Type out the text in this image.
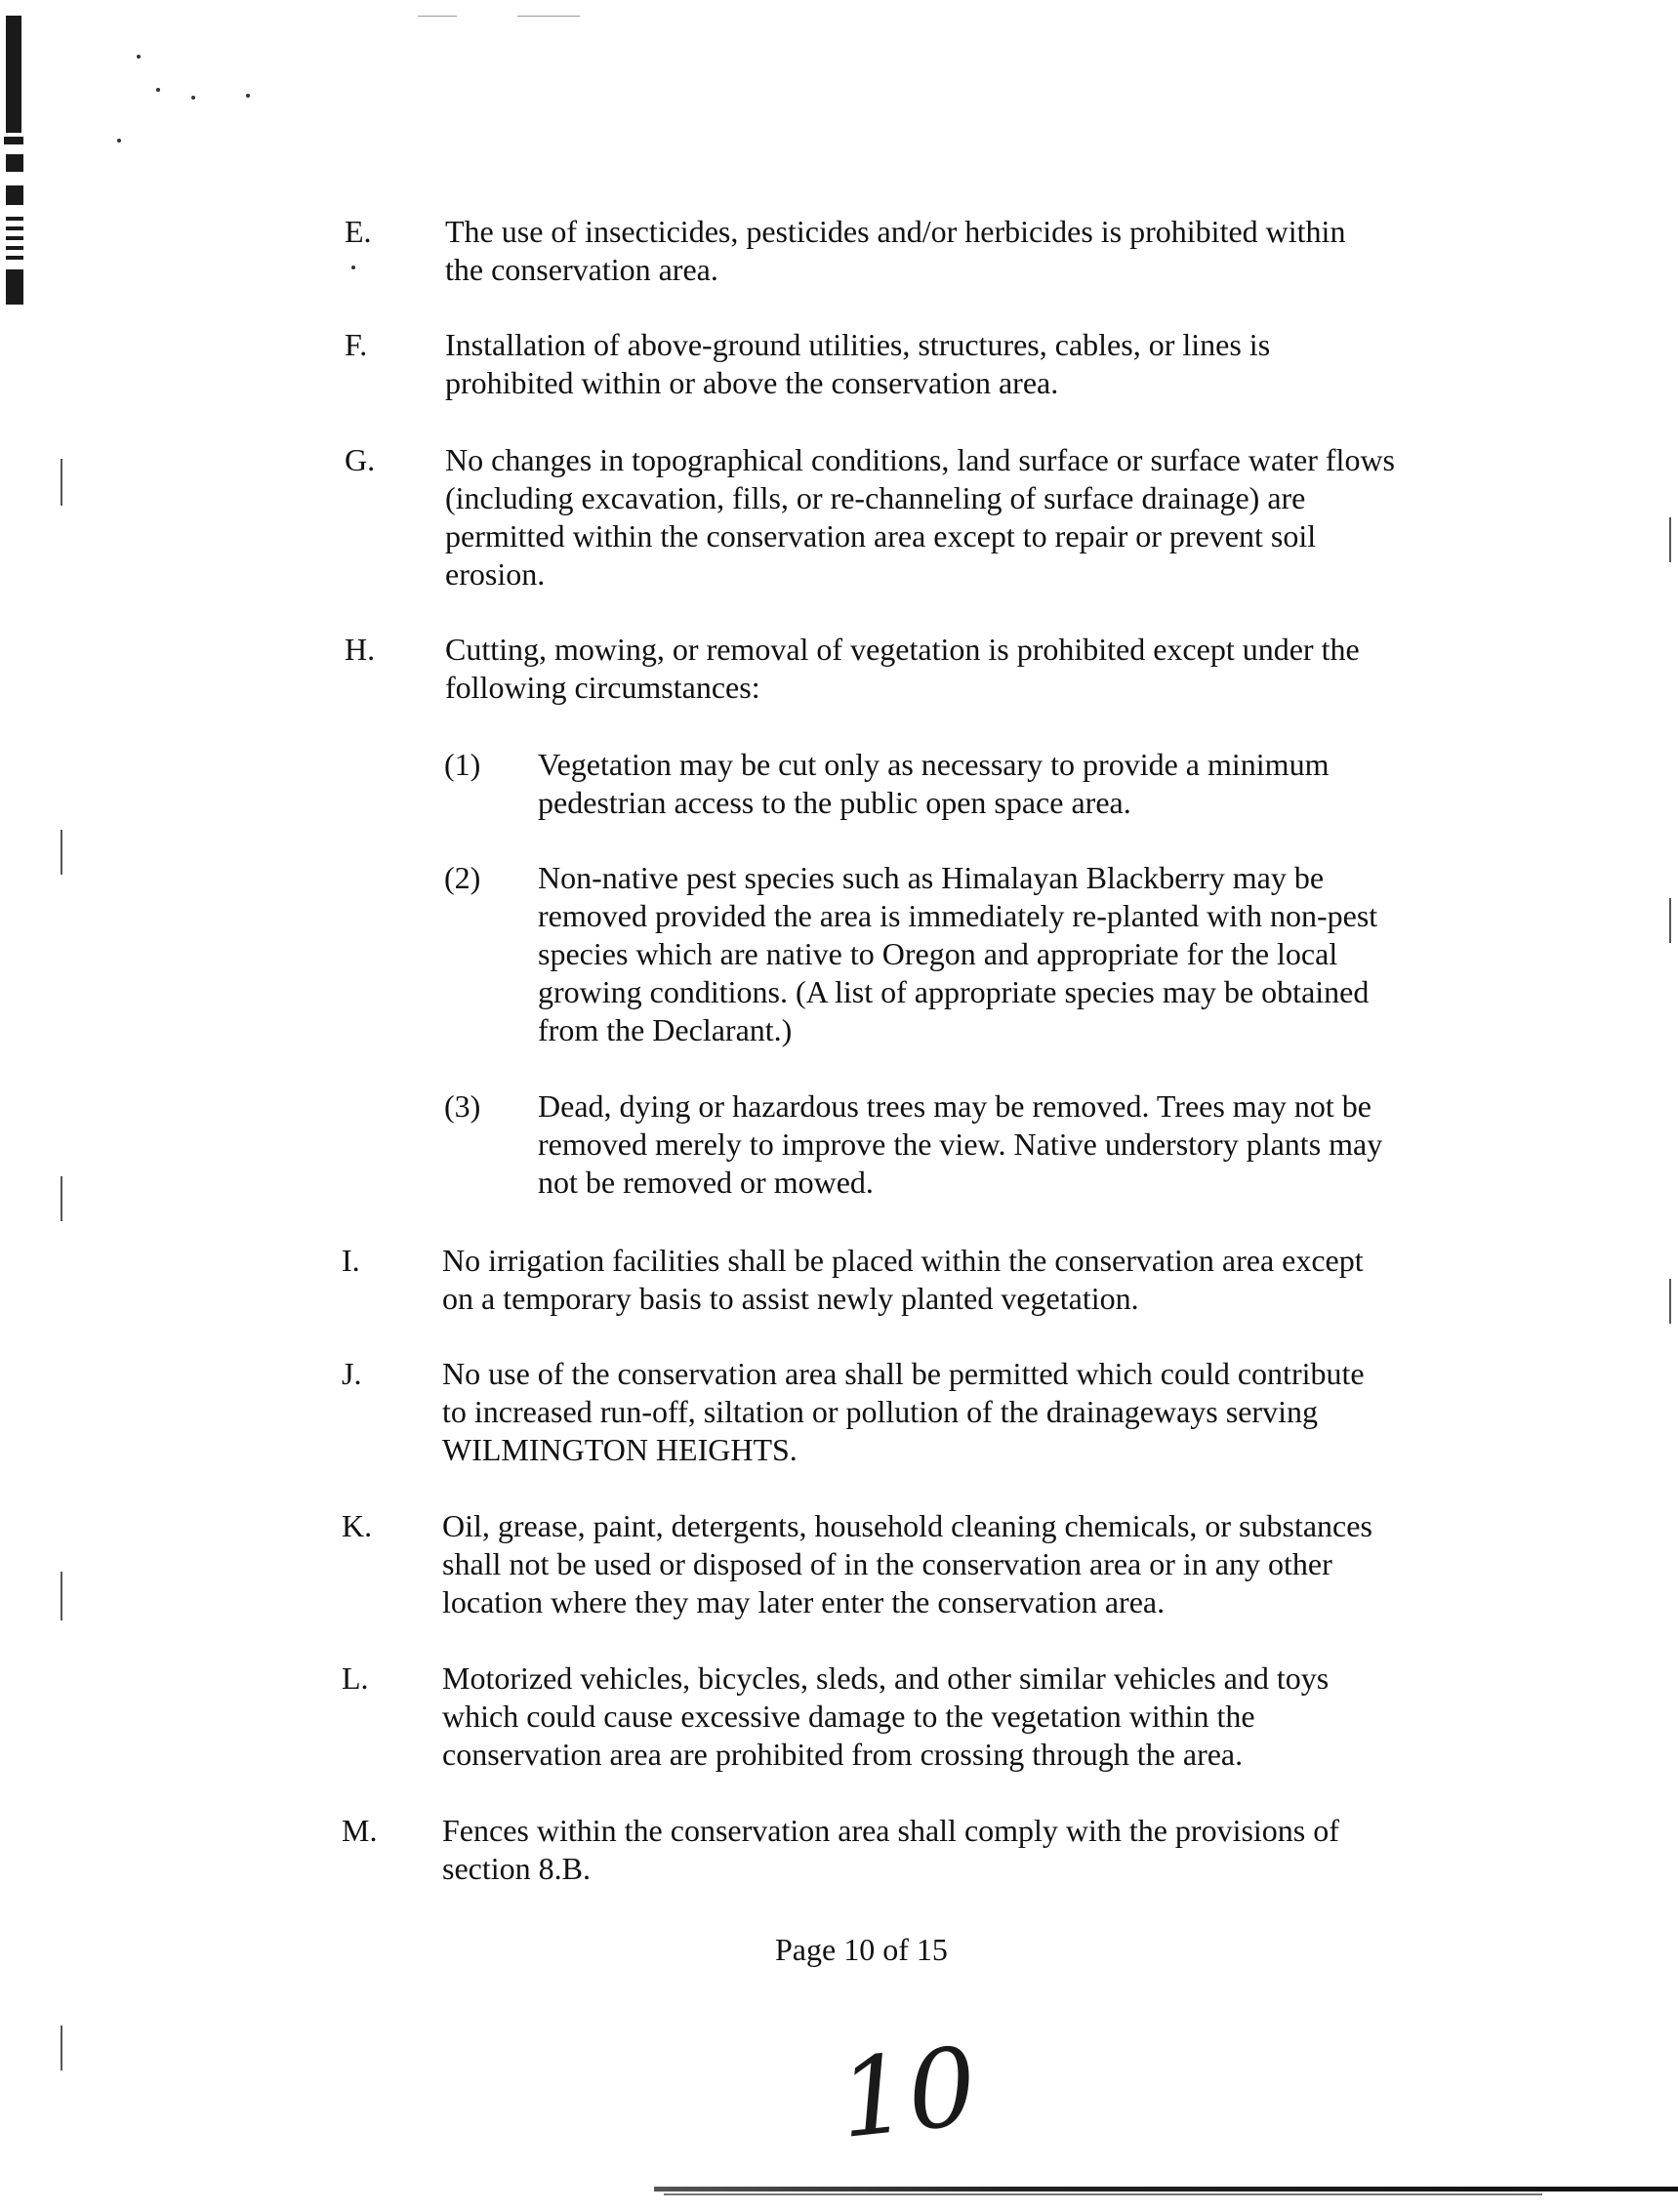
E.	The use of insecticides, pesticides and/or herbicides is prohibited within
the conservation area.
F.	Installation of above-ground utilities, structures, cables, or lines is
prohibited within or above the conservation area.
G.	No changes in topographical conditions, land surface or surface water flows
(including excavation, fills, or re-channeling of surface drainage) are
permitted within the conservation area except to repair or prevent soil
erosion.
H.	Cutting, mowing, or removal of vegetation is prohibited except under the
following circumstances:
(1)	Vegetation may be cut only as necessary to provide a minimum
pedestrian access to the public open space area.
(2)	Non-native pest species such as Himalayan Blackberry may be
removed provided the area is immediately re-planted with non-pest
species which are native to Oregon and appropriate for the local
growing conditions. (A list of appropriate species may be obtained
from the Declarant.)
(3)	Dead, dying or hazardous trees may be removed. Trees may not be
removed merely to improve the view. Native understory plants may
not be removed or mowed.
I.	No irrigation facilities shall be placed within the conservation area except
on a temporary basis to assist newly planted vegetation.
J.	No use of the conservation area shall be permitted which could contribute
to increased run-off, siltation or pollution of the drainageways serving
WILMINGTON HEIGHTS.
K.	Oil, grease, paint, detergents, household cleaning chemicals, or substances
shall not be used or disposed of in the conservation area or in any other
location where they may later enter the conservation area.
L.	Motorized vehicles, bicycles, sleds, and other similar vehicles and toys
which could cause excessive damage to the vegetation within the
conservation area are prohibited from crossing through the area.
M.	Fences within the conservation area shall comply with the provisions of
section 8.B.
Page 10 of 15
10
